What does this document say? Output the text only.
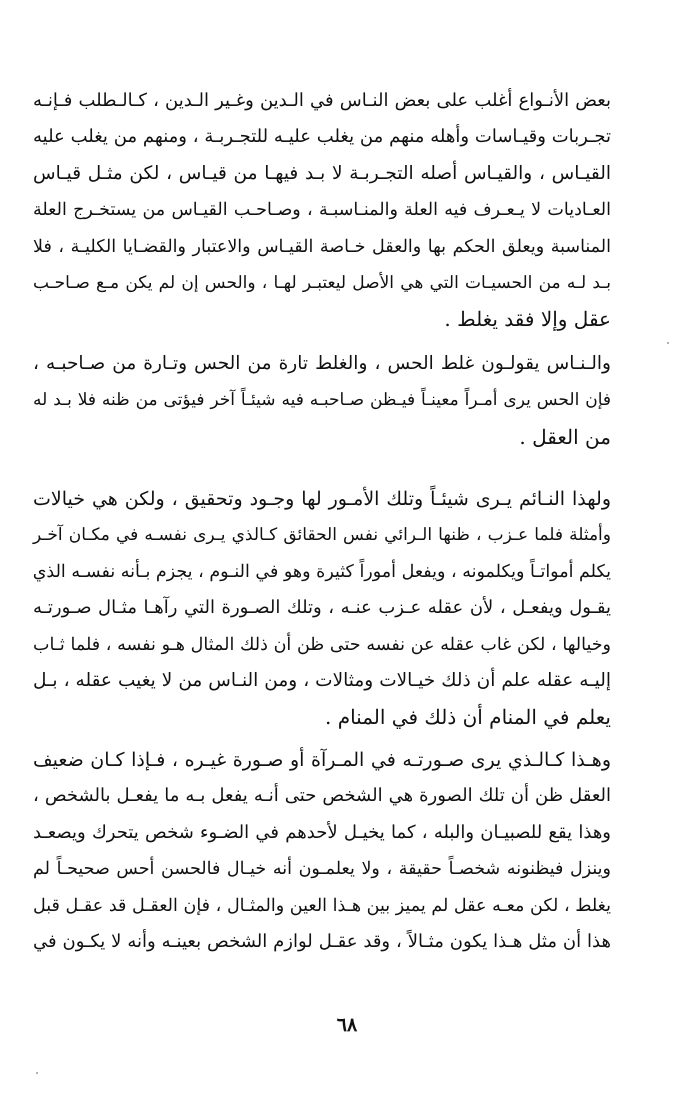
بعض الأنـواع أغلب على بعض النـاس في الـدين وغـير الـدين ، كـالـطلب فـإنـه
تجـربات وقيـاسات وأهله منهم من يغلب عليـه للتجـربـة ، ومنهم من يغلب عليه
القيـاس ، والقيـاس أصله التجـربـة لا بـد فيهـا من قيـاس ، لكن مثـل قيـاس
العـاديات لا يـعـرف فيه العلة والمنـاسبـة ، وصـاحـب القيـاس من يستخـرج العلة
المناسبة ويعلق الحكم بها والعقل خـاصة القيـاس والاعتبار والقضـايا الكليـة ، فلا
بـد لـه من الحسيـات التي هي الأصل ليعتبـر لهـا ، والحس إن لم يكن مـع صـاحـب
عقل وإلا فقد يغلط .
والـنـاس يقولـون غلط الحس ، والغلط تارة من الحس وتـارة من صـاحبـه ،
فإن الحس يرى أمـراً معينـاً فيـظن صـاحبـه فيه شيئـاً آخر فيؤتى من ظنه فلا بـد له
من العقل .
ولهذا النـائم يـرى شيئـاً وتلك الأمـور لها وجـود وتحقيق ، ولكن هي خيالات
وأمثلة فلما عـزب ، ظنها الـرائي نفس الحقائق كـالذي يـرى نفسـه في مكـان آخـر
يكلم أمواتـاً ويكلمونه ، ويفعل أموراً كثيرة وهو في النـوم ، يجزم بـأنه نفسـه الذي
يقـول ويفعـل ، لأن عقله عـزب عنـه ، وتلك الصـورة التي رآهـا مثـال صـورتـه
وخيالها ، لكن غاب عقله عن نفسه حتى ظن أن ذلك المثال هـو نفسه ، فلما ثـاب
إليـه عقله علم أن ذلك خيـالات ومثالات ، ومن النـاس من لا يغيب عقله ، بـل
يعلم في المنام أن ذلك في المنام .
وهـذا كـالـذي يرى صـورتـه في المـرآة أو صـورة غيـره ، فـإذا كـان ضعيف
العقل ظن أن تلك الصورة هي الشخص حتى أنـه يفعل بـه ما يفعـل بالشخص ،
وهذا يقع للصبيـان والبله ، كما يخيـل لأحدهم في الضـوء شخص يتحرك ويصعـد
وينزل فيظنونه شخصـاً حقيقة ، ولا يعلمـون أنه خيـال فالحسن أحس صحيحـاً لم
يغلط ، لكن معـه عقل لم يميز بين هـذا العين والمثـال ، فإن العقـل قد عقـل قبل
هذا أن مثل هـذا يكون مثـالاً ، وقد عقـل لوازم الشخص بعينـه وأنه لا يكـون في
٦٨
